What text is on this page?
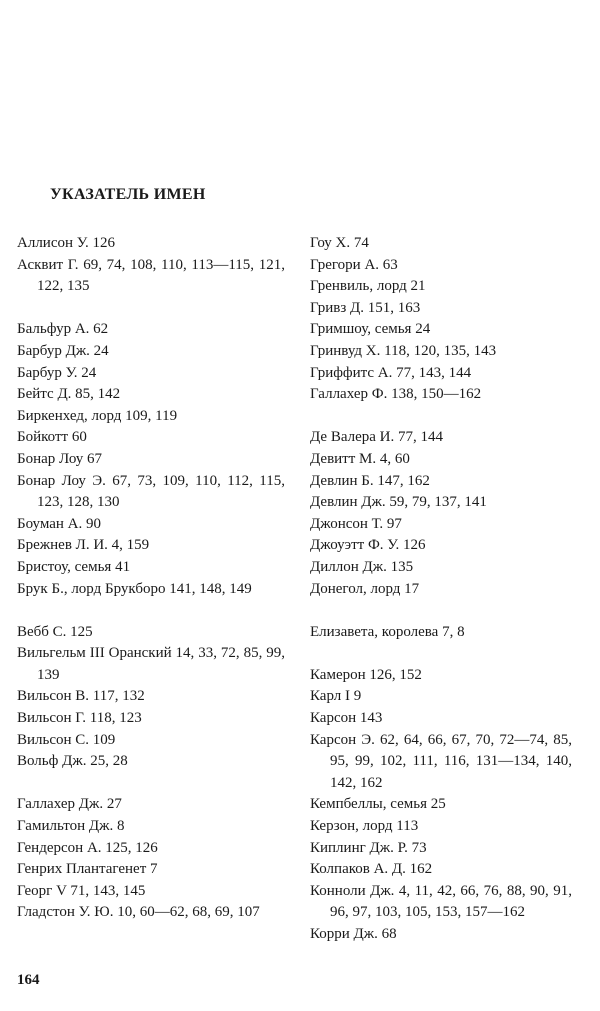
УКАЗАТЕЛЬ ИМЕН
Аллисон У. 126
Асквит Г. 69, 74, 108, 110, 113—115, 121, 122, 135
Бальфур А. 62
Барбур Дж. 24
Барбур У. 24
Бейтс Д. 85, 142
Биркенхед, лорд 109, 119
Бойкотт 60
Бонар Лоу 67
Бонар Лоу Э. 67, 73, 109, 110, 112, 115, 123, 128, 130
Боуман А. 90
Брежнев Л. И. 4, 159
Бристоу, семья 41
Брук Б., лорд Брукборо 141, 148, 149
Вебб С. 125
Вильгельм III Оранский 14, 33, 72, 85, 99, 139
Вильсон В. 117, 132
Вильсон Г. 118, 123
Вильсон С. 109
Вольф Дж. 25, 28
Галлахер Дж. 27
Гамильтон Дж. 8
Гендерсон А. 125, 126
Генрих Плантагенет 7
Георг V 71, 143, 145
Гладстон У. Ю. 10, 60—62, 68, 69, 107
Гоу Х. 74
Грегори А. 63
Гренвиль, лорд 21
Гривз Д. 151, 163
Гримшоу, семья 24
Гринвуд Х. 118, 120, 135, 143
Гриффитс А. 77, 143, 144
Галлахер Ф. 138, 150—162
Де Валера И. 77, 144
Девитт М. 4, 60
Девлин Б. 147, 162
Девлин Дж. 59, 79, 137, 141
Джонсон Т. 97
Джоуэтт Ф. У. 126
Диллон Дж. 135
Донегол, лорд 17
Елизавета, королева 7, 8
Камерон 126, 152
Карл I 9
Карсон 143
Карсон Э. 62, 64, 66, 67, 70, 72—74, 85, 95, 99, 102, 111, 116, 131—134, 140, 142, 162
Кемпбеллы, семья 25
Керзон, лорд 113
Киплинг Дж. Р. 73
Колпаков А. Д. 162
Конноли Дж. 4, 11, 42, 66, 76, 88, 90, 91, 96, 97, 103, 105, 153, 157—162
Корри Дж. 68
164
